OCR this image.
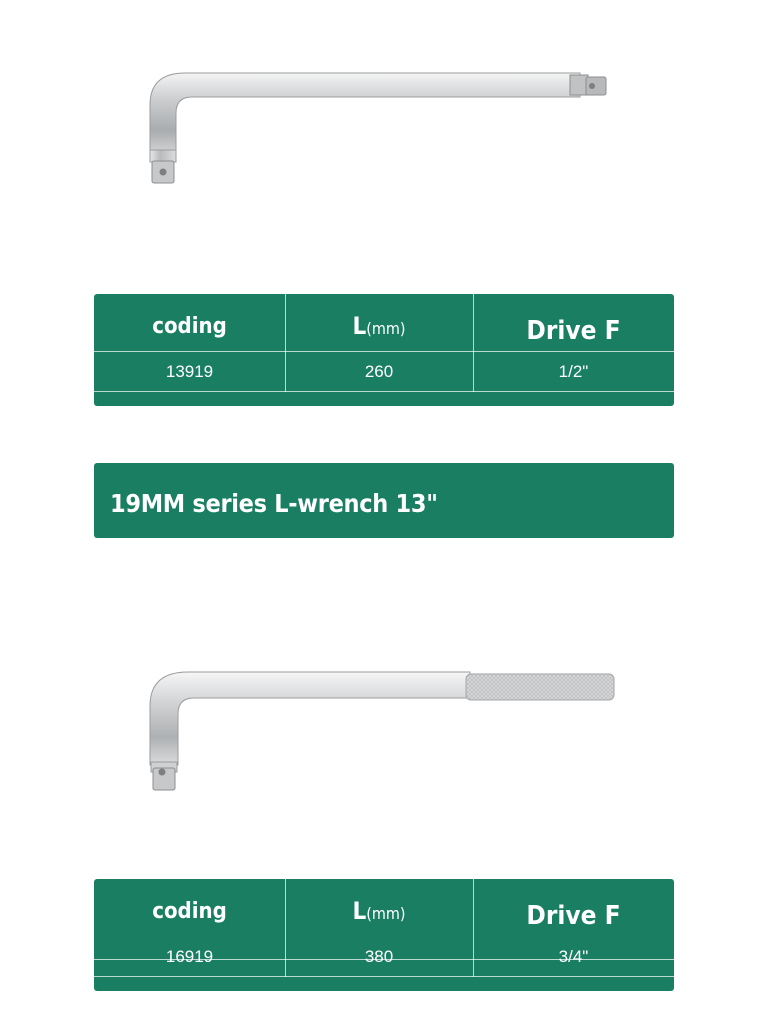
coding	L(mm)	Drive F
13919	260	1/2"
19MM series L-wrench 13"
coding	L(mm)	Drive F
16919	380	3/4"
